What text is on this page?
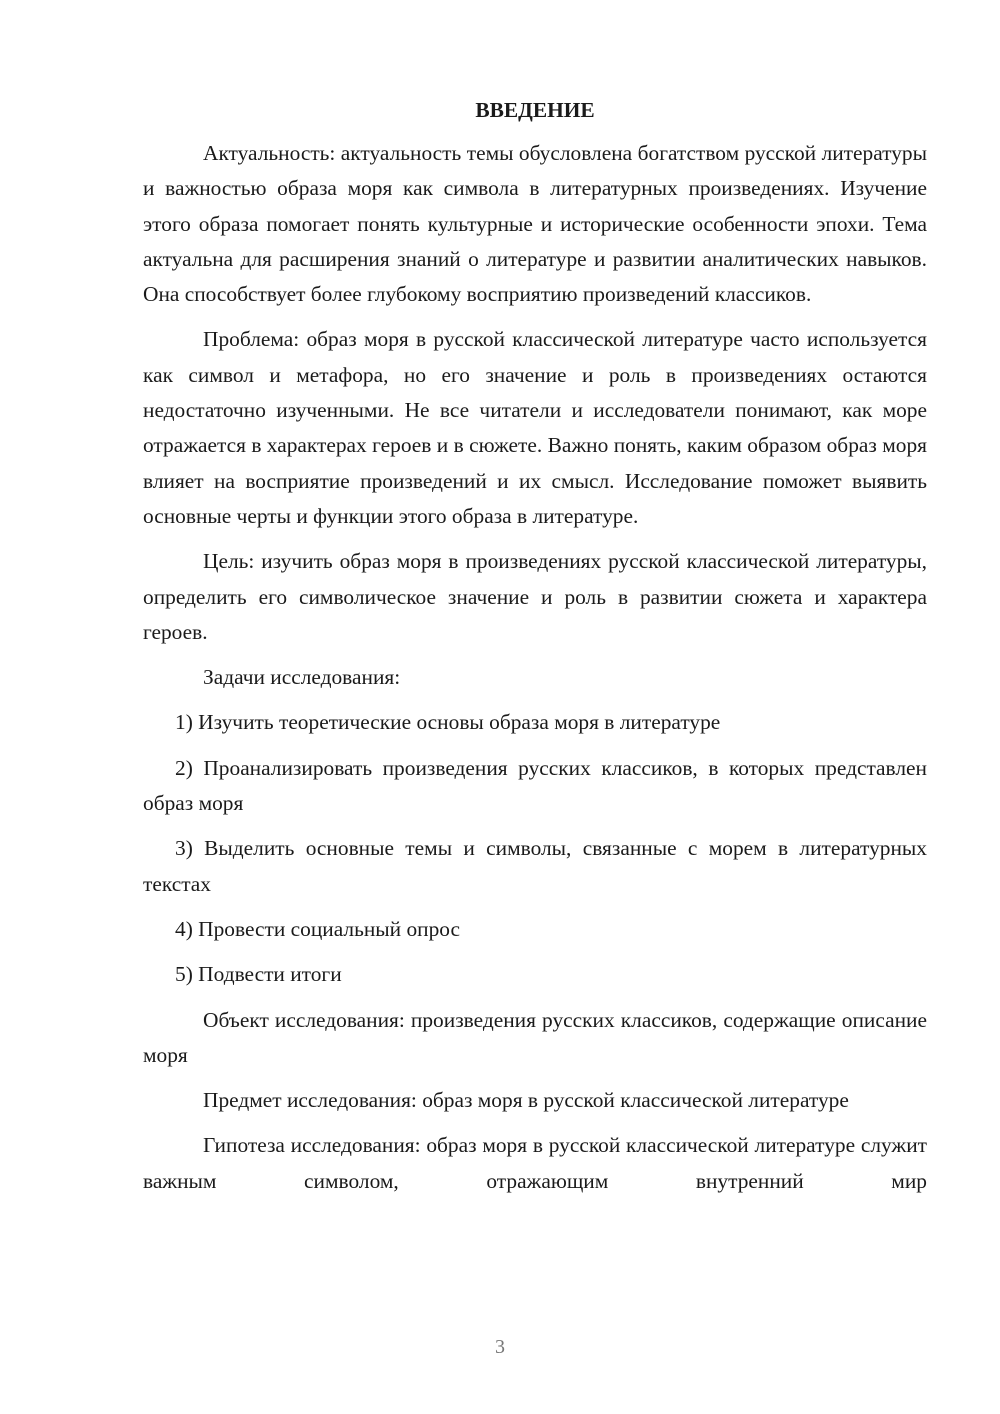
ВВЕДЕНИЕ

Актуальность: актуальность темы обусловлена богатством русской литературы и важностью образа моря как символа в литературных произведениях. Изучение этого образа помогает понять культурные и исторические особенности эпохи. Тема актуальна для расширения знаний о литературе и развитии аналитических навыков. Она способствует более глубокому восприятию произведений классиков.

Проблема: образ моря в русской классической литературе часто используется как символ и метафора, но его значение и роль в произведениях остаются недостаточно изученными. Не все читатели и исследователи понимают, как море отражается в характерах героев и в сюжете. Важно понять, каким образом образ моря влияет на восприятие произведений и их смысл. Исследование поможет выявить основные черты и функции этого образа в литературе.

Цель: изучить образ моря в произведениях русской классической литературы, определить его символическое значение и роль в развитии сюжета и характера героев.

Задачи исследования:

1) Изучить теоретические основы образа моря в литературе

2) Проанализировать произведения русских классиков, в которых представлен образ моря

3) Выделить основные темы и символы, связанные с морем в литературных текстах

4) Провести социальный опрос

5) Подвести итоги

Объект исследования: произведения русских классиков, содержащие описание моря

Предмет исследования: образ моря в русской классической литературе

Гипотеза исследования: образ моря в русской классической литературе служит важным символом, отражающим внутренний мир

3
